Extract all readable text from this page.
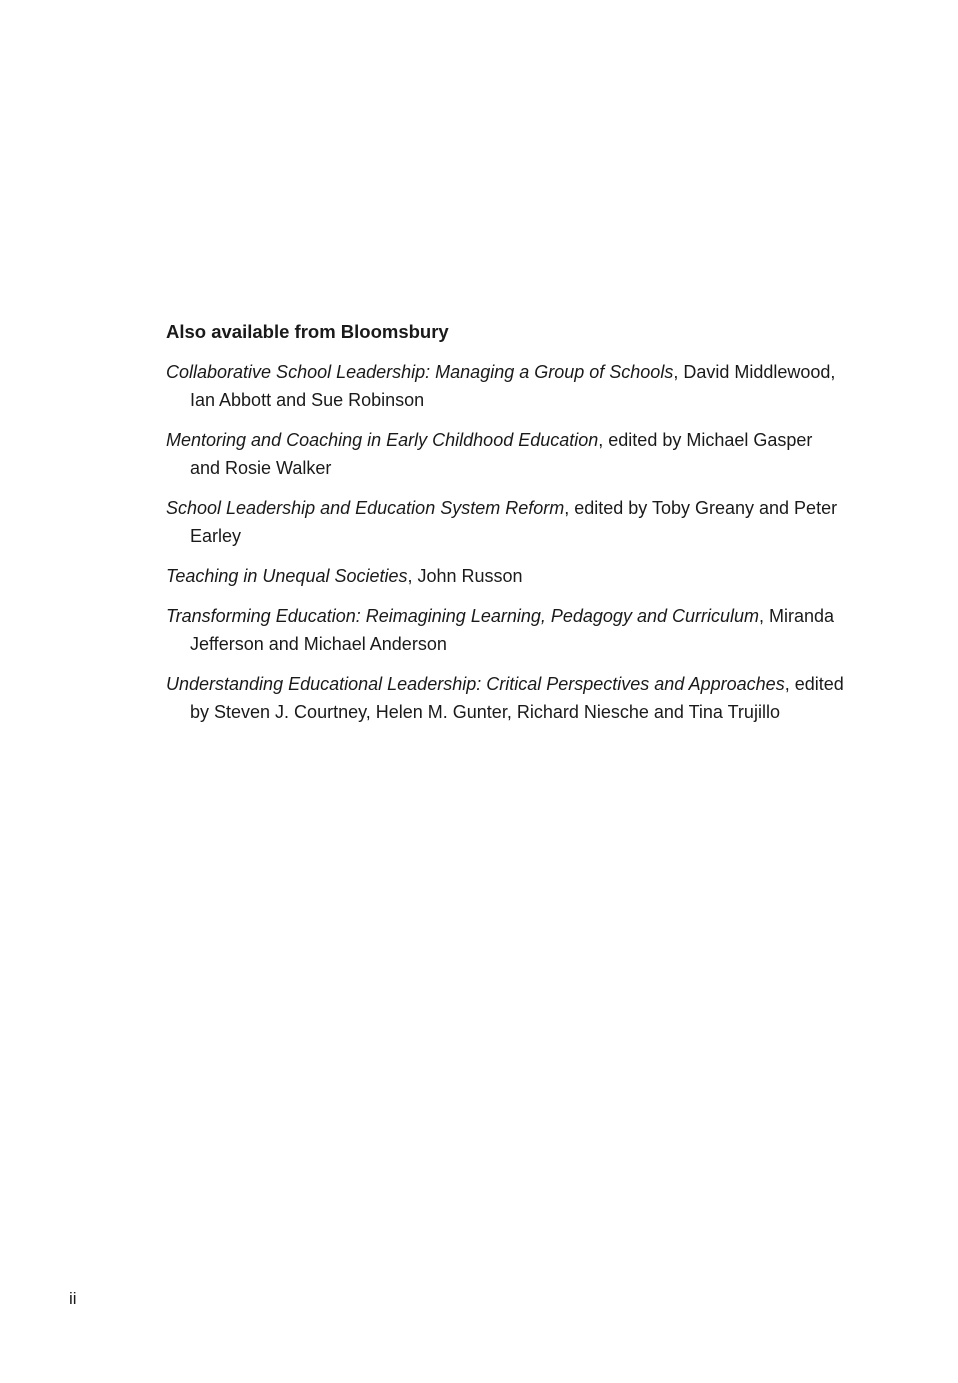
Also available from Bloomsbury
Collaborative School Leadership: Managing a Group of Schools, David Middlewood, Ian Abbott and Sue Robinson
Mentoring and Coaching in Early Childhood Education, edited by Michael Gasper and Rosie Walker
School Leadership and Education System Reform, edited by Toby Greany and Peter Earley
Teaching in Unequal Societies, John Russon
Transforming Education: Reimagining Learning, Pedagogy and Curriculum, Miranda Jefferson and Michael Anderson
Understanding Educational Leadership: Critical Perspectives and Approaches, edited by Steven J. Courtney, Helen M. Gunter, Richard Niesche and Tina Trujillo
ii
